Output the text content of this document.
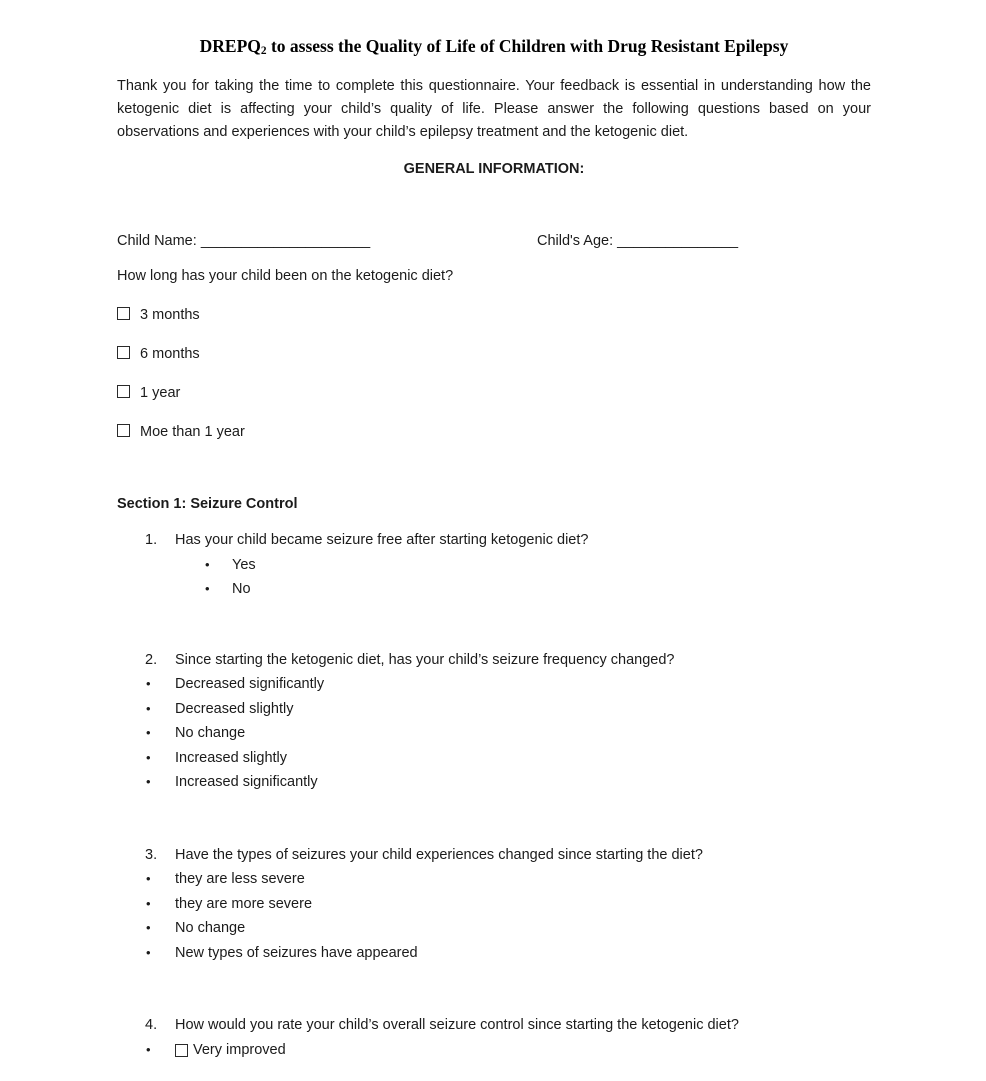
$DREPQ_2$ to assess the Quality of Life of Children with Drug Resistant Epilepsy

Thank you for taking the time to complete this questionnaire. Your feedback is essential in understanding how the ketogenic diet is affecting your child’s quality of life. Please answer the following questions based on your observations and experiences with your child’s epilepsy treatment and the ketogenic diet.

GENERAL INFORMATION:
Child Name: _____________________	Child's Age: _______________

How long has your child been on the ketogenic diet?

3 months
6 months
1 year
Moe than 1 year
Section 1: Seizure Control
1.	Has your child became seizure free after starting ketogenic diet?
•	Yes
•	No
2.	Since starting the ketogenic diet, has your child’s seizure frequency changed?
•	Decreased significantly
•	Decreased slightly
•	No change
•	Increased slightly
•	Increased significantly
3.	Have the types of seizures your child experiences changed since starting the diet?
•	they are less severe
•	they are more severe
•	No change
•	New types of seizures have appeared
4.	How would you rate your child’s overall seizure control since starting the ketogenic diet?
•	Very improved
